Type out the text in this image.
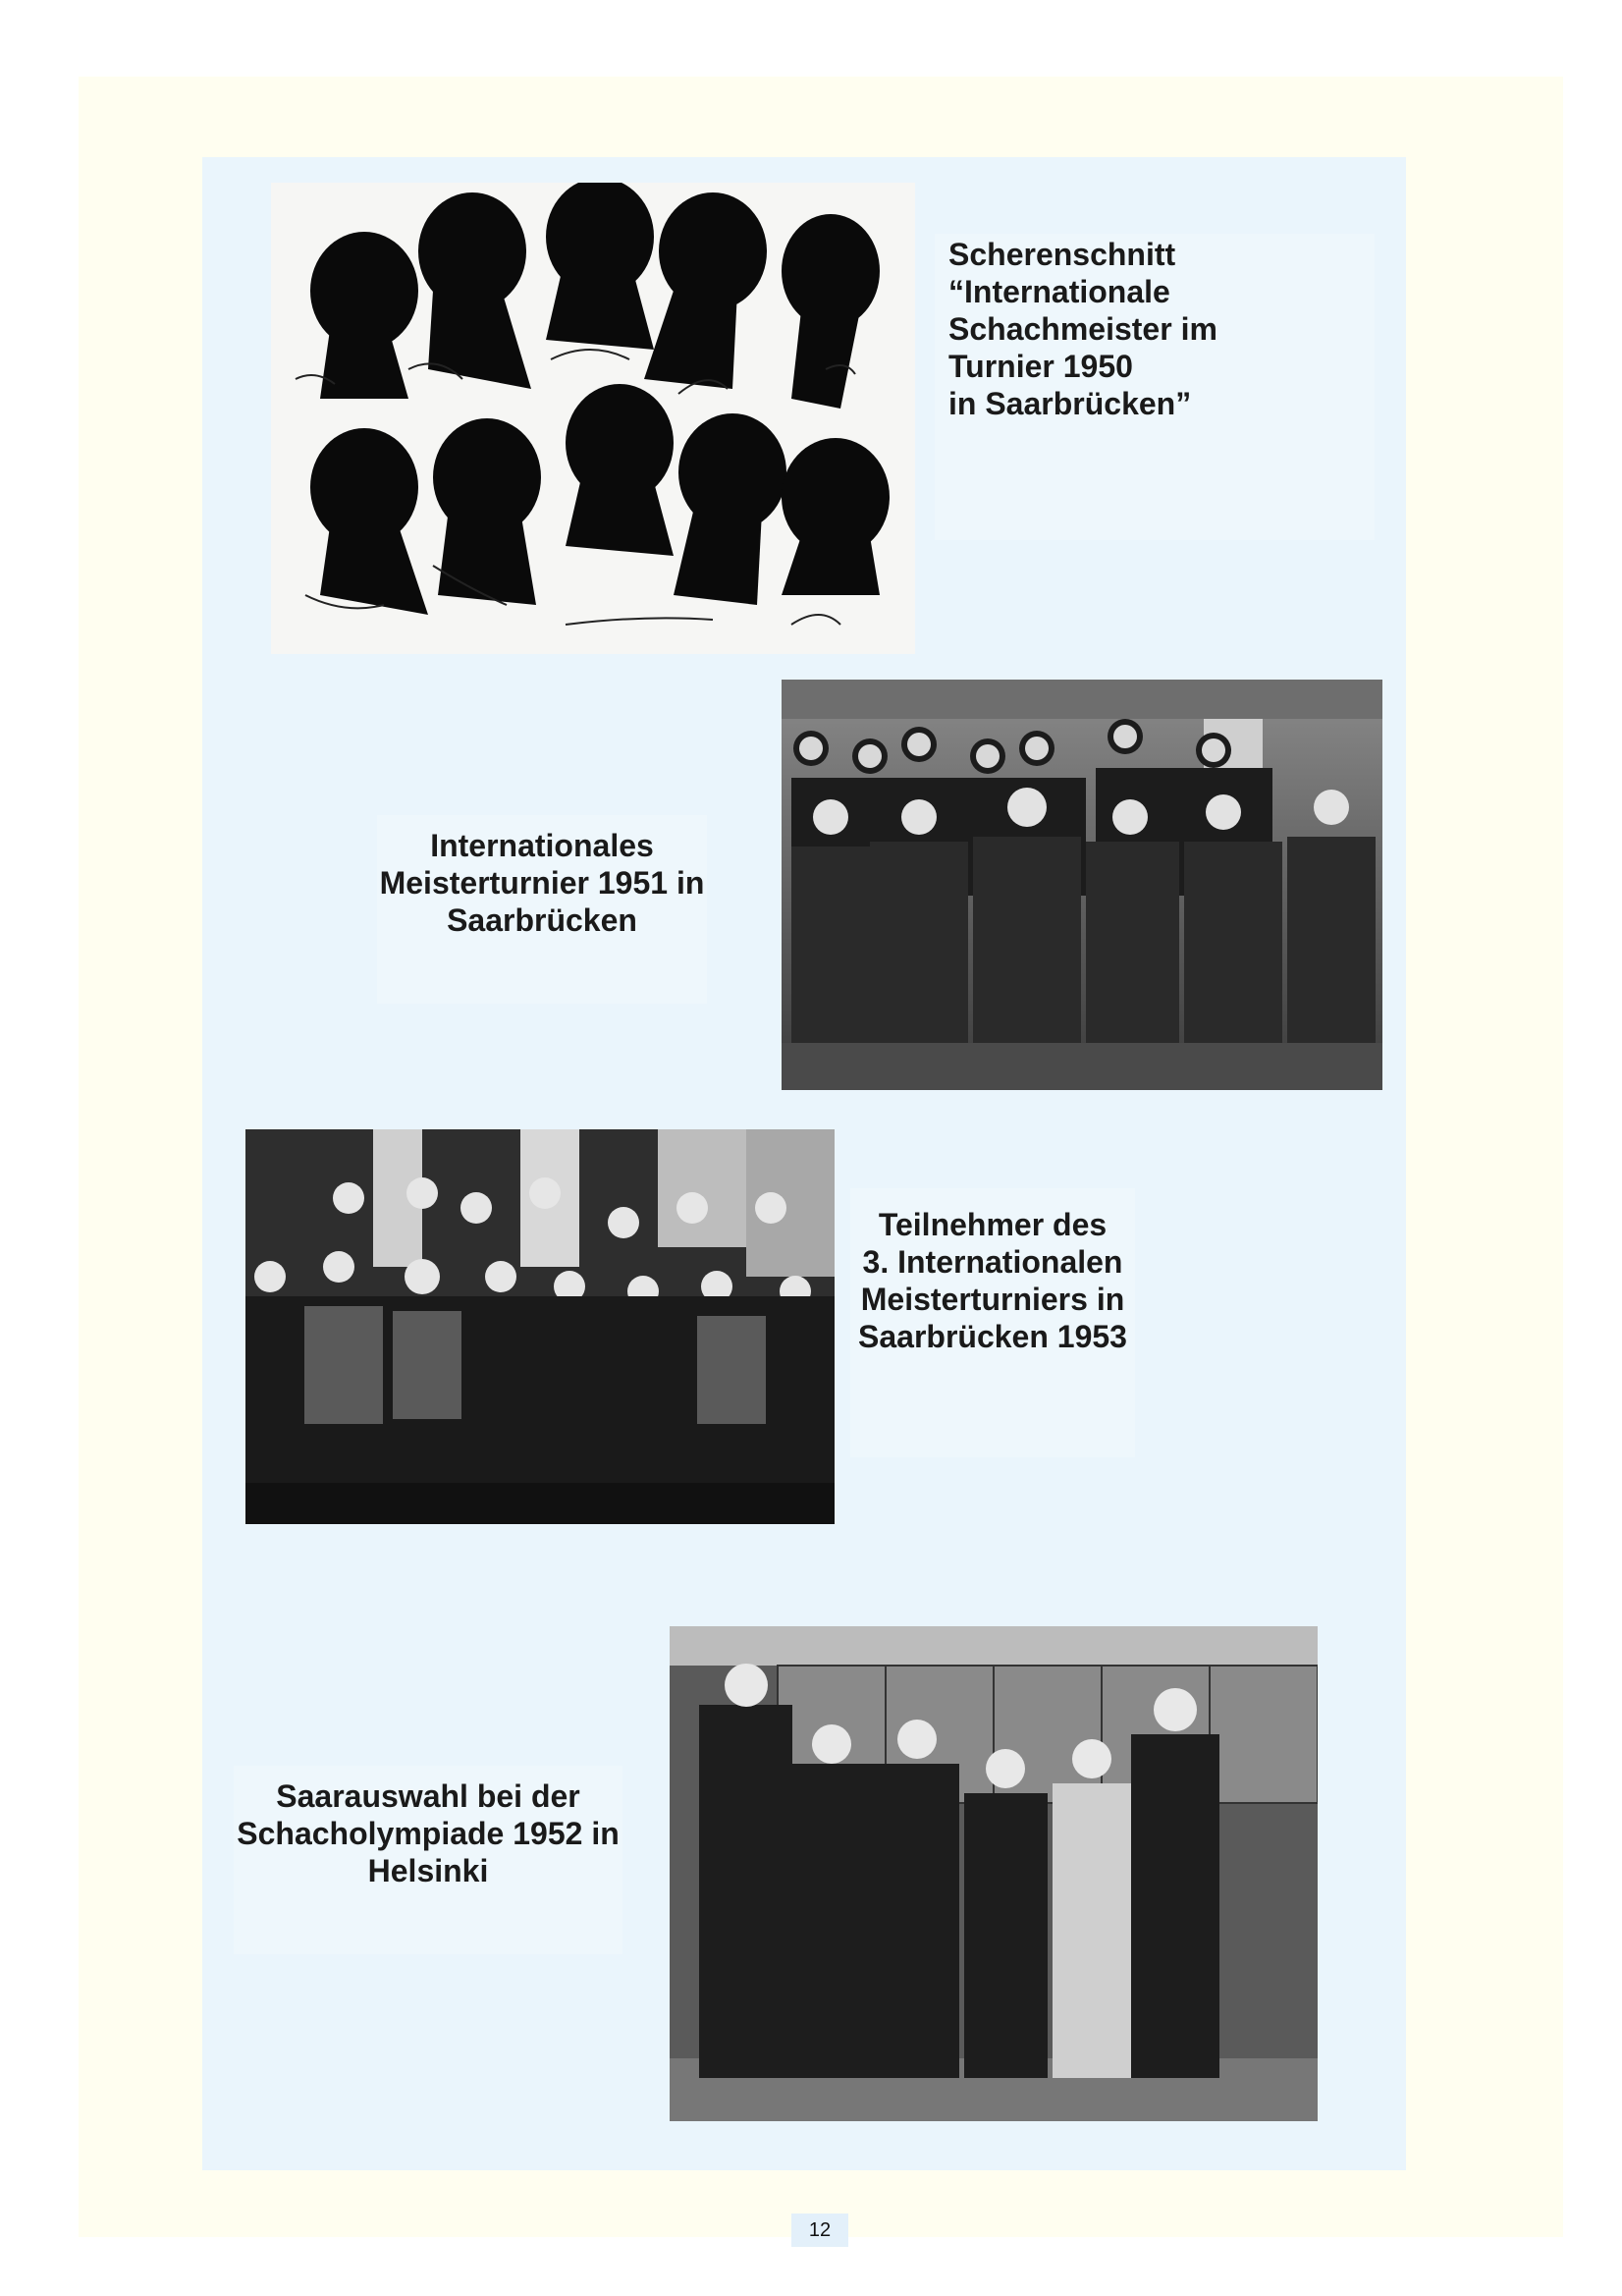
Scherenschnitt
“Internationale
Schachmeister im
Turnier 1950
in Saarbrücken”
Internationales
Meisterturnier 1951 in
Saarbrücken
Teilnehmer des
3. Internationalen
Meisterturniers in
Saarbrücken 1953
Saarauswahl bei der
Schacholympiade 1952 in
Helsinki
12
